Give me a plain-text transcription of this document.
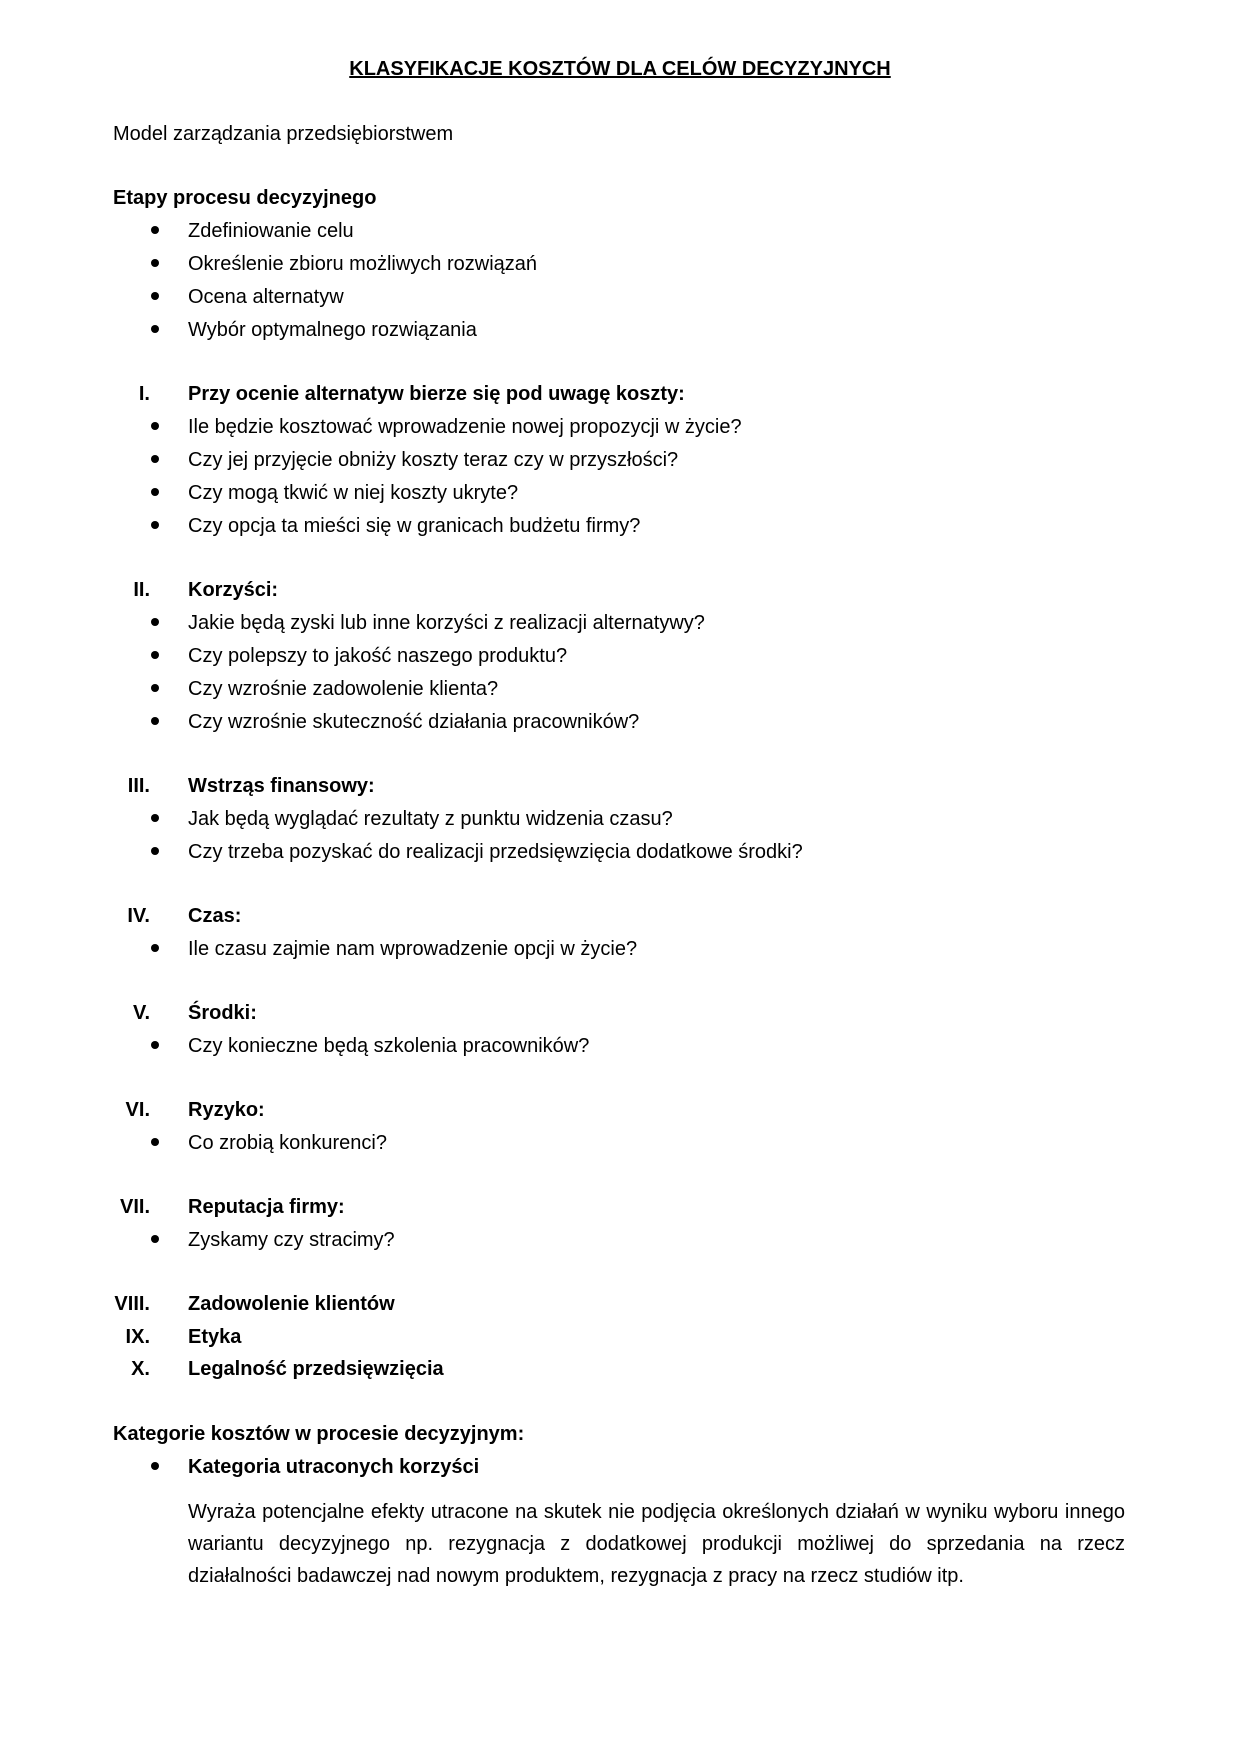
KLASYFIKACJE KOSZTÓW DLA CELÓW DECYZYJNYCH
Model zarządzania przedsiębiorstwem
Etapy procesu decyzyjnego
Zdefiniowanie celu
Określenie zbioru możliwych rozwiązań
Ocena alternatyw
Wybór optymalnego rozwiązania
I. Przy ocenie alternatyw bierze się pod uwagę koszty:
Ile będzie kosztować wprowadzenie nowej propozycji w życie?
Czy jej przyjęcie obniży koszty teraz czy w przyszłości?
Czy mogą tkwić w niej koszty ukryte?
Czy opcja ta mieści się w granicach budżetu firmy?
II. Korzyści:
Jakie będą zyski lub inne korzyści z realizacji alternatywy?
Czy polepszy to jakość naszego produktu?
Czy wzrośnie zadowolenie klienta?
Czy wzrośnie skuteczność działania pracowników?
III. Wstrząs finansowy:
Jak będą wyglądać rezultaty z punktu widzenia czasu?
Czy trzeba pozyskać do realizacji przedsięwzięcia dodatkowe środki?
IV. Czas:
Ile czasu zajmie nam wprowadzenie opcji w życie?
V. Środki:
Czy konieczne będą szkolenia pracowników?
VI. Ryzyko:
Co zrobią konkurenci?
VII. Reputacja firmy:
Zyskamy czy stracimy?
VIII. Zadowolenie klientów
IX. Etyka
X. Legalność przedsięwzięcia
Kategorie kosztów w procesie decyzyjnym:
Kategoria utraconych korzyści
Wyraża potencjalne efekty utracone na skutek nie podjęcia określonych działań w wyniku wyboru innego wariantu decyzyjnego np. rezygnacja z dodatkowej produkcji możliwej do sprzedania na rzecz działalności badawczej nad nowym produktem, rezygnacja z pracy na rzecz studiów itp.
